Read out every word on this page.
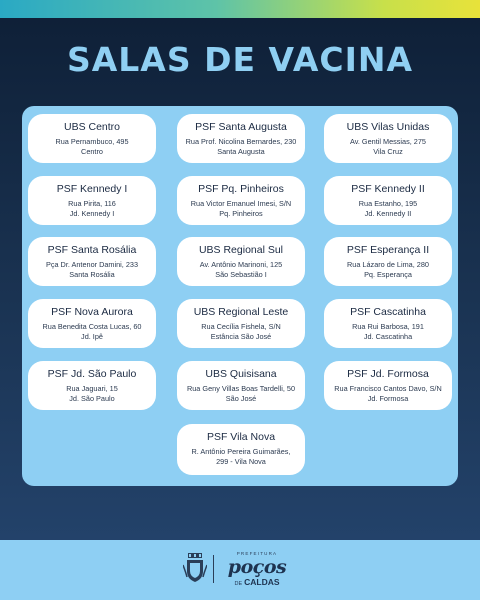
SALAS DE VACINA
UBS Centro
Rua Pernambuco, 495
Centro
PSF Santa Augusta
Rua Prof. Nicolina Bernardes, 230
Santa Augusta
UBS Vilas Unidas
Av. Gentil Messias, 275
Vila Cruz
PSF Kennedy I
Rua Pirita, 116
Jd. Kennedy I
PSF Pq. Pinheiros
Rua Victor Emanuel Imesi, S/N
Pq. Pinheiros
PSF Kennedy II
Rua Estanho, 195
Jd. Kennedy II
PSF Santa Rosália
Pça Dr. Antenor Damini, 233
Santa Rosália
UBS Regional Sul
Av. Antônio Marinoni, 125
São Sebastião I
PSF Esperança II
Rua Lázaro de Lima, 280
Pq. Esperança
PSF Nova Aurora
Rua Benedita Costa Lucas, 60
Jd. Ipê
UBS Regional Leste
Rua Cecília Fishela, S/N
Estância São José
PSF Cascatinha
Rua Rui Barbosa, 191
Jd. Cascatinha
PSF Jd. São Paulo
Rua Jaguari, 15
Jd. São Paulo
UBS Quisisana
Rua Geny Villas Boas Tardelli, 50
São José
PSF Jd. Formosa
Rua Francisco Cantos Davo, S/N
Jd. Formosa
PSF Vila Nova
R. Antônio Pereira Guimarães,
299 - Vila Nova
PREFEITURA
poços
DE CALDAS
